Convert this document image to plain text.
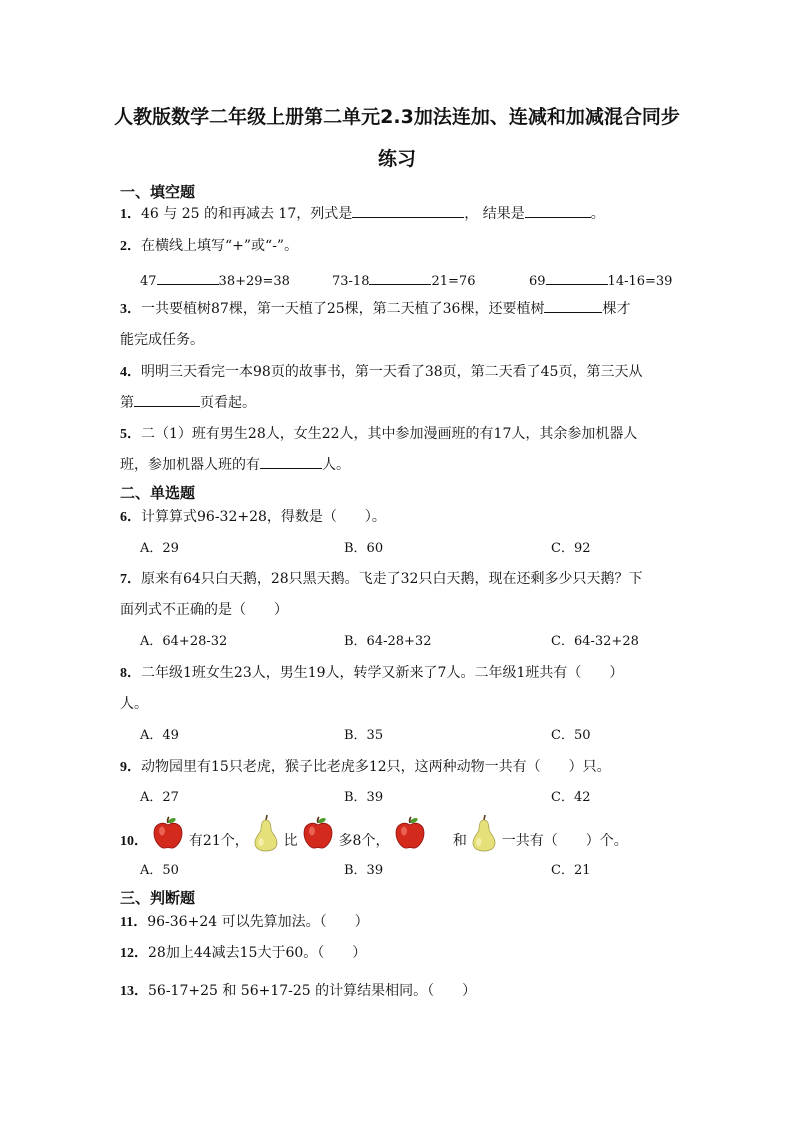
人教版数学二年级上册第二单元2.3加法连加、连减和加减混合同步
练习
一、填空题
1．46 与 25 的和再减去 17，列式是	， 结果是	。
2．在横线上填写“+”或“-”。
47	38+29=38	73-18	21=76	69	14-16=39
3．一共要植树87棵，第一天植了25棵，第二天植了36棵，还要植树	棵才
能完成任务。
4．明明三天看完一本98页的故事书，第一天看了38页，第二天看了45页，第三天从
第	页看起。
5．二（1）班有男生28人，女生22人，其中参加漫画班的有17人，其余参加机器人
班，参加机器人班的有	人。
二、单选题
6．计算算式96-32+28，得数是（　　）。
A．29	B．60	C．92
7．原来有64只白天鹅，28只黑天鹅。飞走了32只白天鹅，现在还剩多少只天鹅？下
面列式不正确的是（　　）
A．64+28-32	B．64-28+32	C．64-32+28
8．二年级1班女生23人，男生19人，转学又新来了7人。二年级1班共有（　　）
人。
A．49	B．35	C．50
9．动物园里有15只老虎，猴子比老虎多12只，这两种动物一共有（　　）只。
A．27	B．39	C．42
10．	有21个， 比	多8个，	和 一共有（　　）个。
A．50	B．39	C．21
三、判断题
11．96-36+24 可以先算加法。（　　）
12．28加上44减去15大于60。（　　）
13．56-17+25 和 56+17-25 的计算结果相同。（　　）
